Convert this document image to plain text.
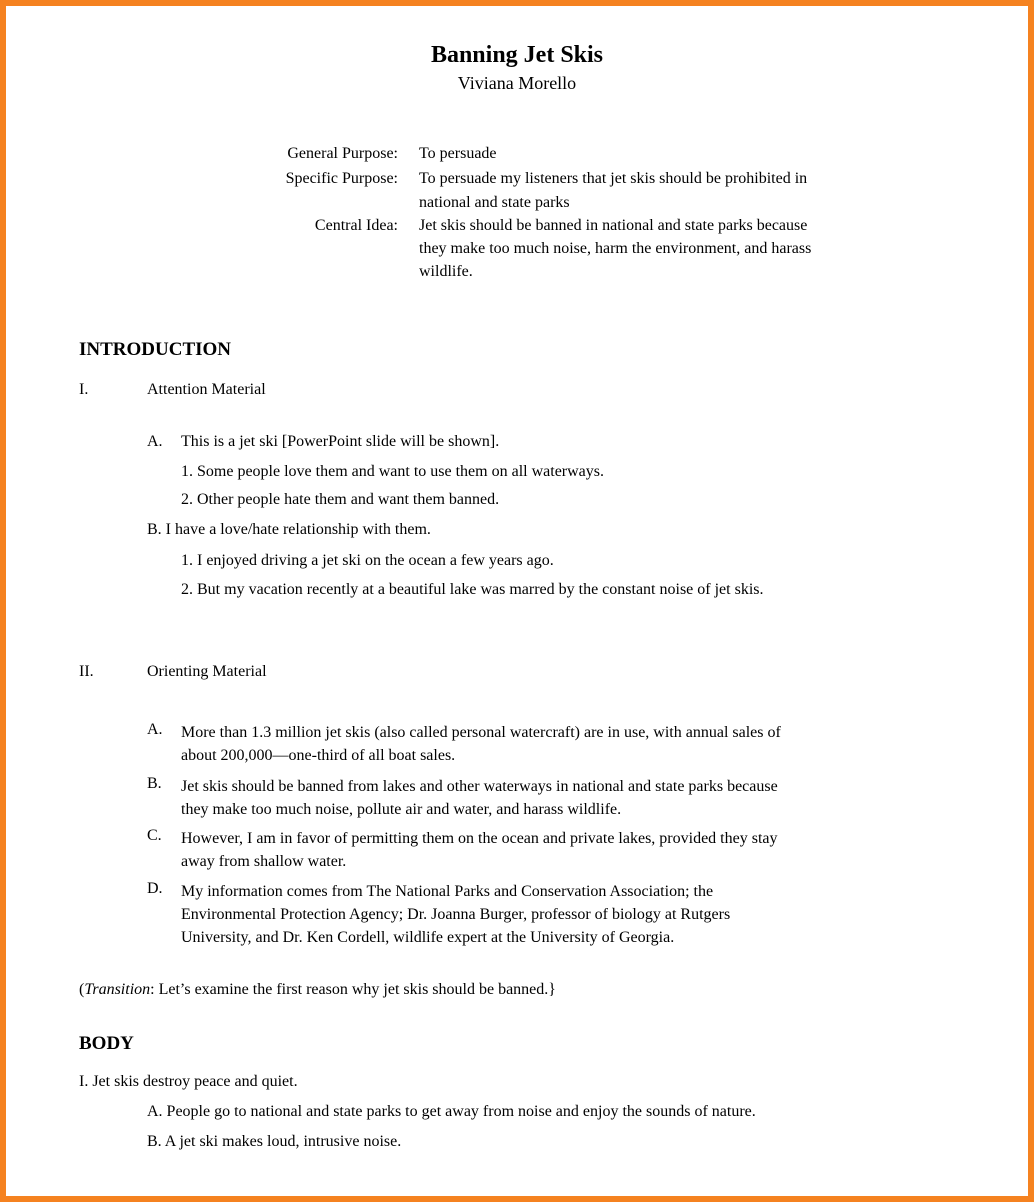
Banning Jet Skis
Viviana Morello
General Purpose: To persuade
Specific Purpose: To persuade my listeners that jet skis should be prohibited in
national and state parks
Central Idea: Jet skis should be banned in national and state parks because
they make too much noise, harm the environment, and harass
wildlife.
INTRODUCTION
I.	Attention Material
A. This is a jet ski [PowerPoint slide will be shown].
1. Some people love them and want to use them on all waterways.
2. Other people hate them and want them banned.
B. I have a love/hate relationship with them.
1. I enjoyed driving a jet ski on the ocean a few years ago.
2. But my vacation recently at a beautiful lake was marred by the constant noise of jet skis.
II.	Orienting Material
A. More than 1.3 million jet skis (also called personal watercraft) are in use, with annual sales of
about 200,000—one-third of all boat sales.
B. Jet skis should be banned from lakes and other waterways in national and state parks because
they make too much noise, pollute air and water, and harass wildlife.
C. However, I am in favor of permitting them on the ocean and private lakes, provided they stay
away from shallow water.
D. My information comes from The National Parks and Conservation Association; the
Environmental Protection Agency; Dr. Joanna Burger, professor of biology at Rutgers
University, and Dr. Ken Cordell, wildlife expert at the University of Georgia.
(Transition: Let’s examine the first reason why jet skis should be banned.}
BODY
I. Jet skis destroy peace and quiet.
A. People go to national and state parks to get away from noise and enjoy the sounds of nature.
B. A jet ski makes loud, intrusive noise.
